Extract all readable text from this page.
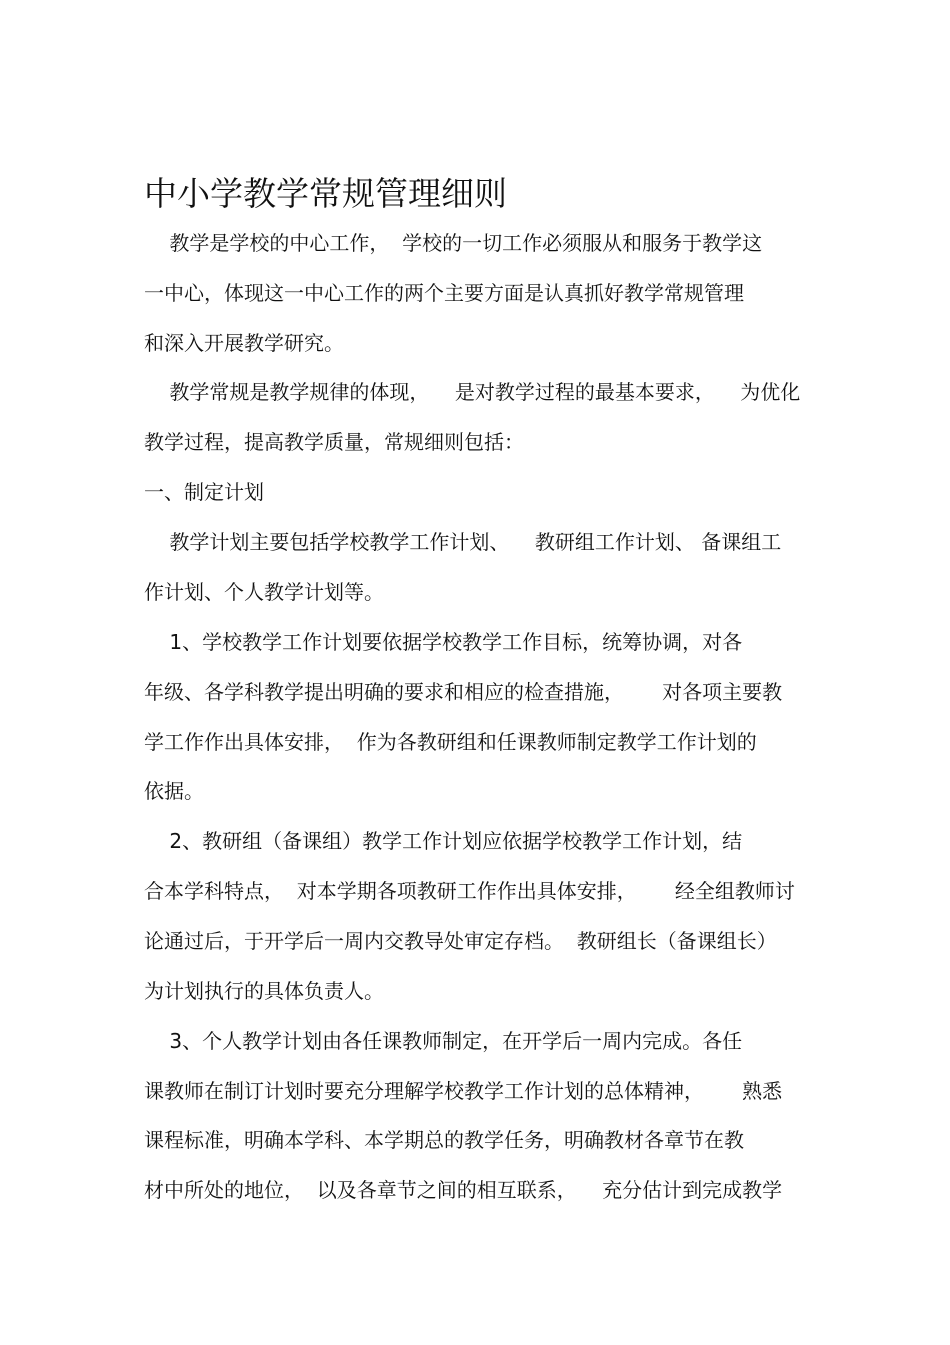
中小学教学常规管理细则
教学是学校的中心工作，  学校的一切工作必须服从和服务于教学这
一中心，体现这一中心工作的两个主要方面是认真抓好教学常规管理
和深入开展教学研究。
教学常规是教学规律的体现，    是对教学过程的最基本要求，    为优化
教学过程，提高教学质量，常规细则包括：
一、制定计划
教学计划主要包括学校教学工作计划、    教研组工作计划、 备课组工
作计划、个人教学计划等。
1、学校教学工作计划要依据学校教学工作目标，统筹协调，对各
年级、各学科教学提出明确的要求和相应的检查措施，      对各项主要教
学工作作出具体安排，  作为各教研组和任课教师制定教学工作计划的
依据。
2、教研组（备课组）教学工作计划应依据学校教学工作计划，结
合本学科特点，  对本学期各项教研工作作出具体安排，      经全组教师讨
论通过后，于开学后一周内交教导处审定存档。  教研组长（备课组长）
为计划执行的具体负责人。
3、个人教学计划由各任课教师制定，在开学后一周内完成。各任
课教师在制订计划时要充分理解学校教学工作计划的总体精神，      熟悉
课程标准，明确本学科、本学期总的教学任务，明确教材各章节在教
材中所处的地位，  以及各章节之间的相互联系，    充分估计到完成教学
